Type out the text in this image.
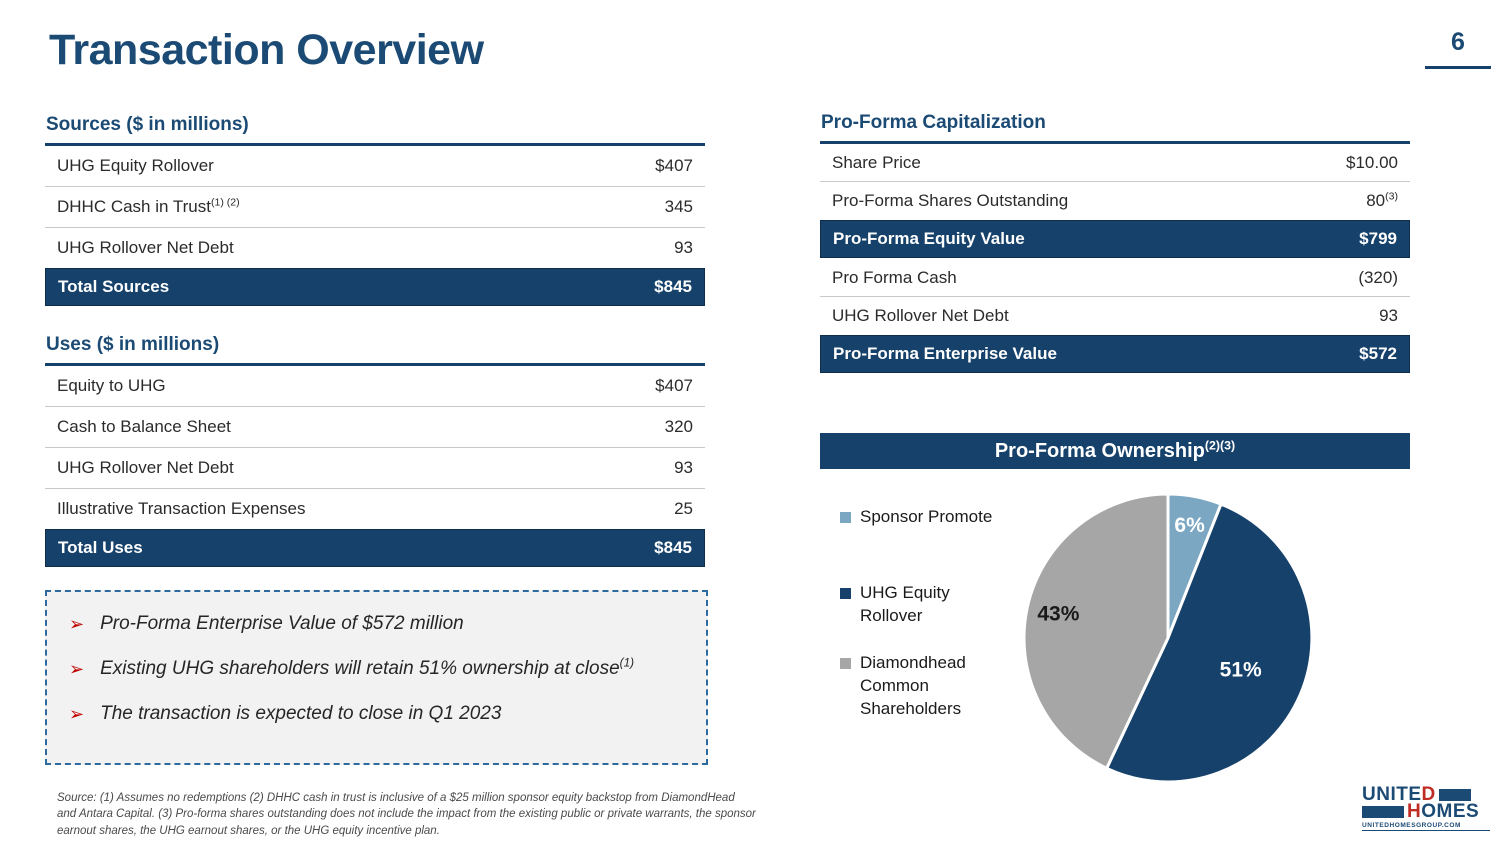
Transaction Overview	6
Sources ($ in millions)
UHG Equity Rollover	$407
DHHC Cash in Trust$^{(1) (2)}$	345
UHG Rollover Net Debt	93
Total Sources	$845
Uses ($ in millions)
Equity to UHG	$407
Cash to Balance Sheet	320
UHG Rollover Net Debt	93
Illustrative Transaction Expenses	25
Total Uses	$845
Pro-Forma Capitalization
Share Price	$10.00
Pro-Forma Shares Outstanding	80$^{(3)}$
Pro-Forma Equity Value	$799
Pro Forma Cash	(320)
UHG Rollover Net Debt	93
Pro-Forma Enterprise Value	$572
➢ Pro-Forma Enterprise Value of $572 million
➢ Existing UHG shareholders will retain 51% ownership at close$^{(1)}$
➢ The transaction is expected to close in Q1 2023
Pro-Forma Ownership$^{(2)(3)}$
Sponsor Promote
UHG Equity Rollover
Diamondhead Common Shareholders
6%
51%
43%
Source: (1) Assumes no redemptions (2) DHHC cash in trust is inclusive of a $25 million sponsor equity backstop from DiamondHead and Antara Capital. (3) Pro-forma shares outstanding does not include the impact from the existing public or private warrants, the sponsor earnout shares, the UHG earnout shares, or the UHG equity incentive plan.
UNITE D
H OMES
UNITEDHOMESGROUP.COM
